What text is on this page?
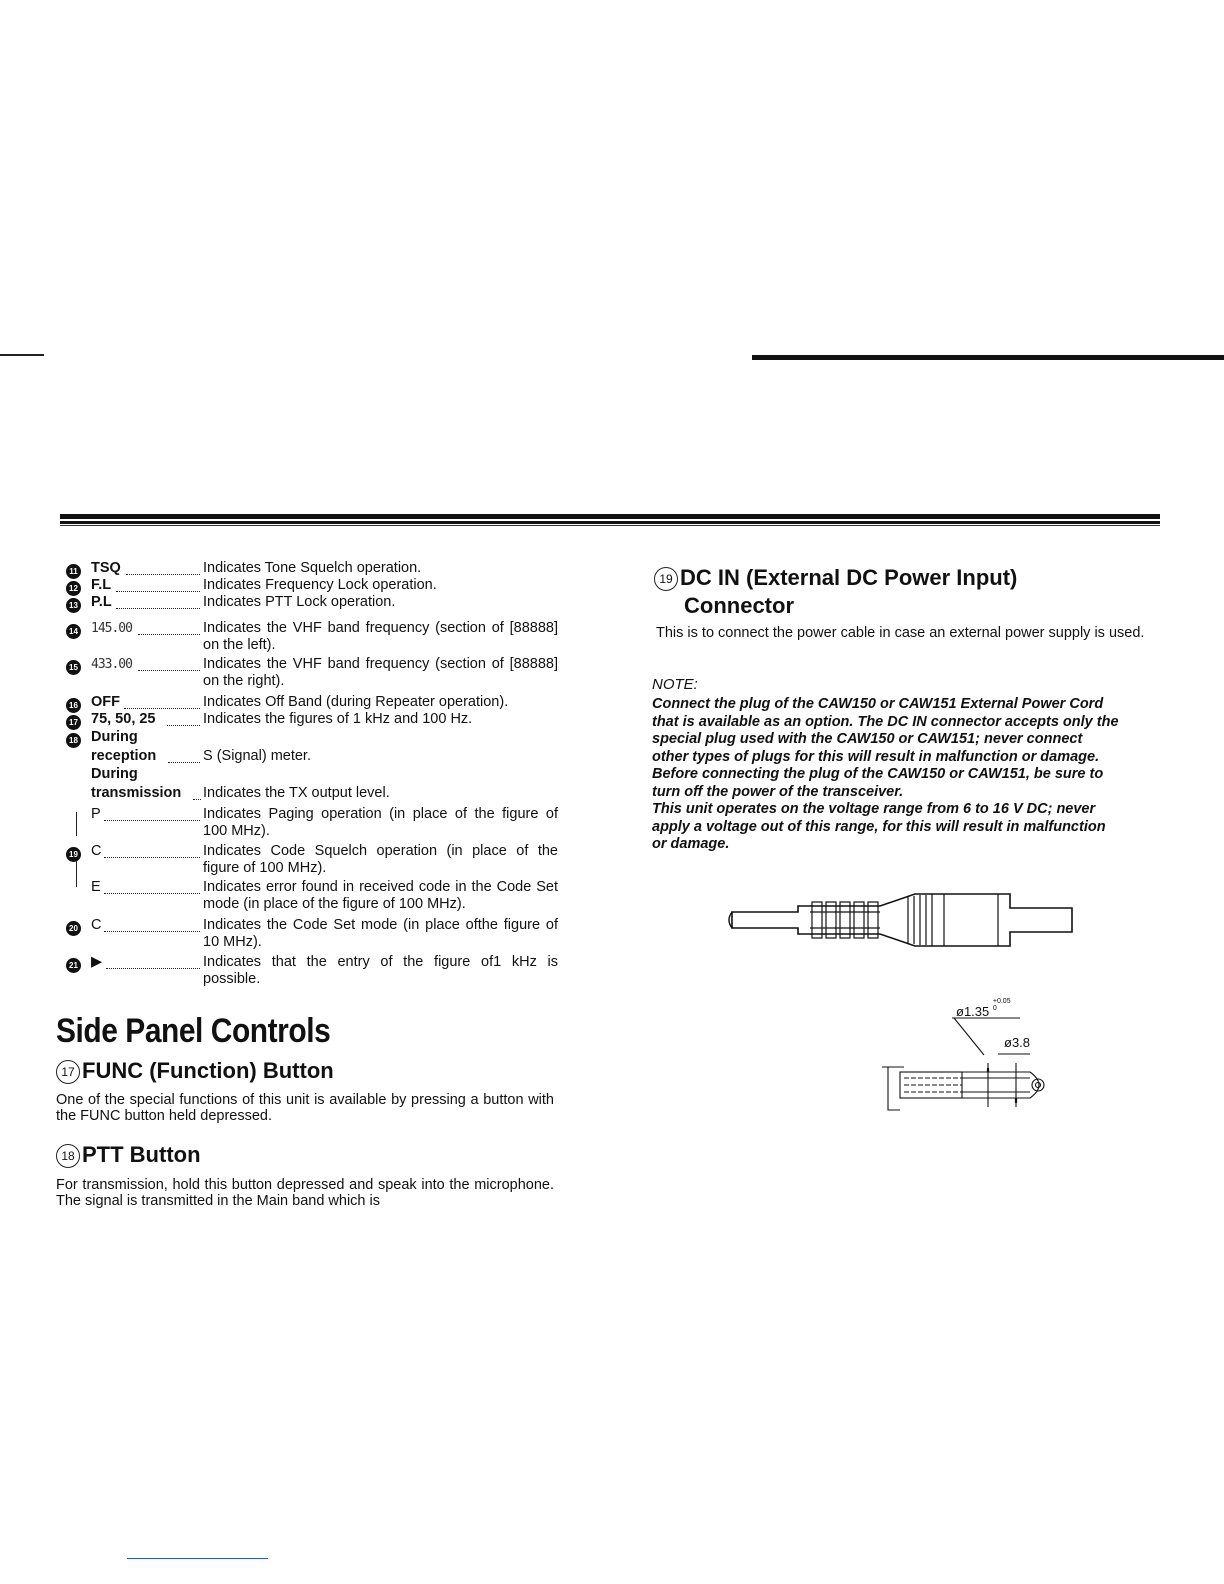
11 TSQ	Indicates Tone Squelch operation.
12 F.L	Indicates Frequency Lock operation.
13 P.L	Indicates PTT Lock operation.
14 145.00	Indicates the VHF band frequency (section of [88888] on the left).
15 433.00	Indicates the VHF band frequency (section of [88888] on the right).
16 OFF	Indicates Off Band (during Repeater operation).
17 75, 50, 25	Indicates the figures of 1 kHz and 100 Hz.
18 During
reception	S (Signal) meter.
During
transmission Indicates the TX output level.
P	Indicates Paging operation (in place of the figure of 100 MHz).
19 C	Indicates Code Squelch operation (in place of the figure of 100 MHz).
E	Indicates error found in received code in the Code Set mode (in place of the figure of 100 MHz).
20 C	Indicates the Code Set mode (in place ofthe figure of 10 MHz).
21 ▶	Indicates that the entry of the figure of1 kHz is possible.
Side Panel Controls
17 FUNC (Function) Button
One of the special functions of this unit is available by pressing a button with the FUNC button held depressed.
18 PTT Button
For transmission, hold this button depressed and speak into the microphone. The signal is transmitted in the Main band which is
19 DC IN (External DC Power Input)
Connector
This is to connect the power cable in case an external power supply is used.
NOTE:
Connect the plug of the CAW150 or CAW151 External Power Cord
that is available as an option. The DC IN connector accepts only the
special plug used with the CAW150 or CAW151; never connect
other types of plugs for this will result in malfunction or damage.
Before connecting the plug of the CAW150 or CAW151, be sure to
turn off the power of the transceiver.
This unit operates on the voltage range from 6 to 16 V DC; never
apply a voltage out of this range, for this will result in malfunction
or damage.
ø1.35 $^{+0.05 0}$
ø3.8
